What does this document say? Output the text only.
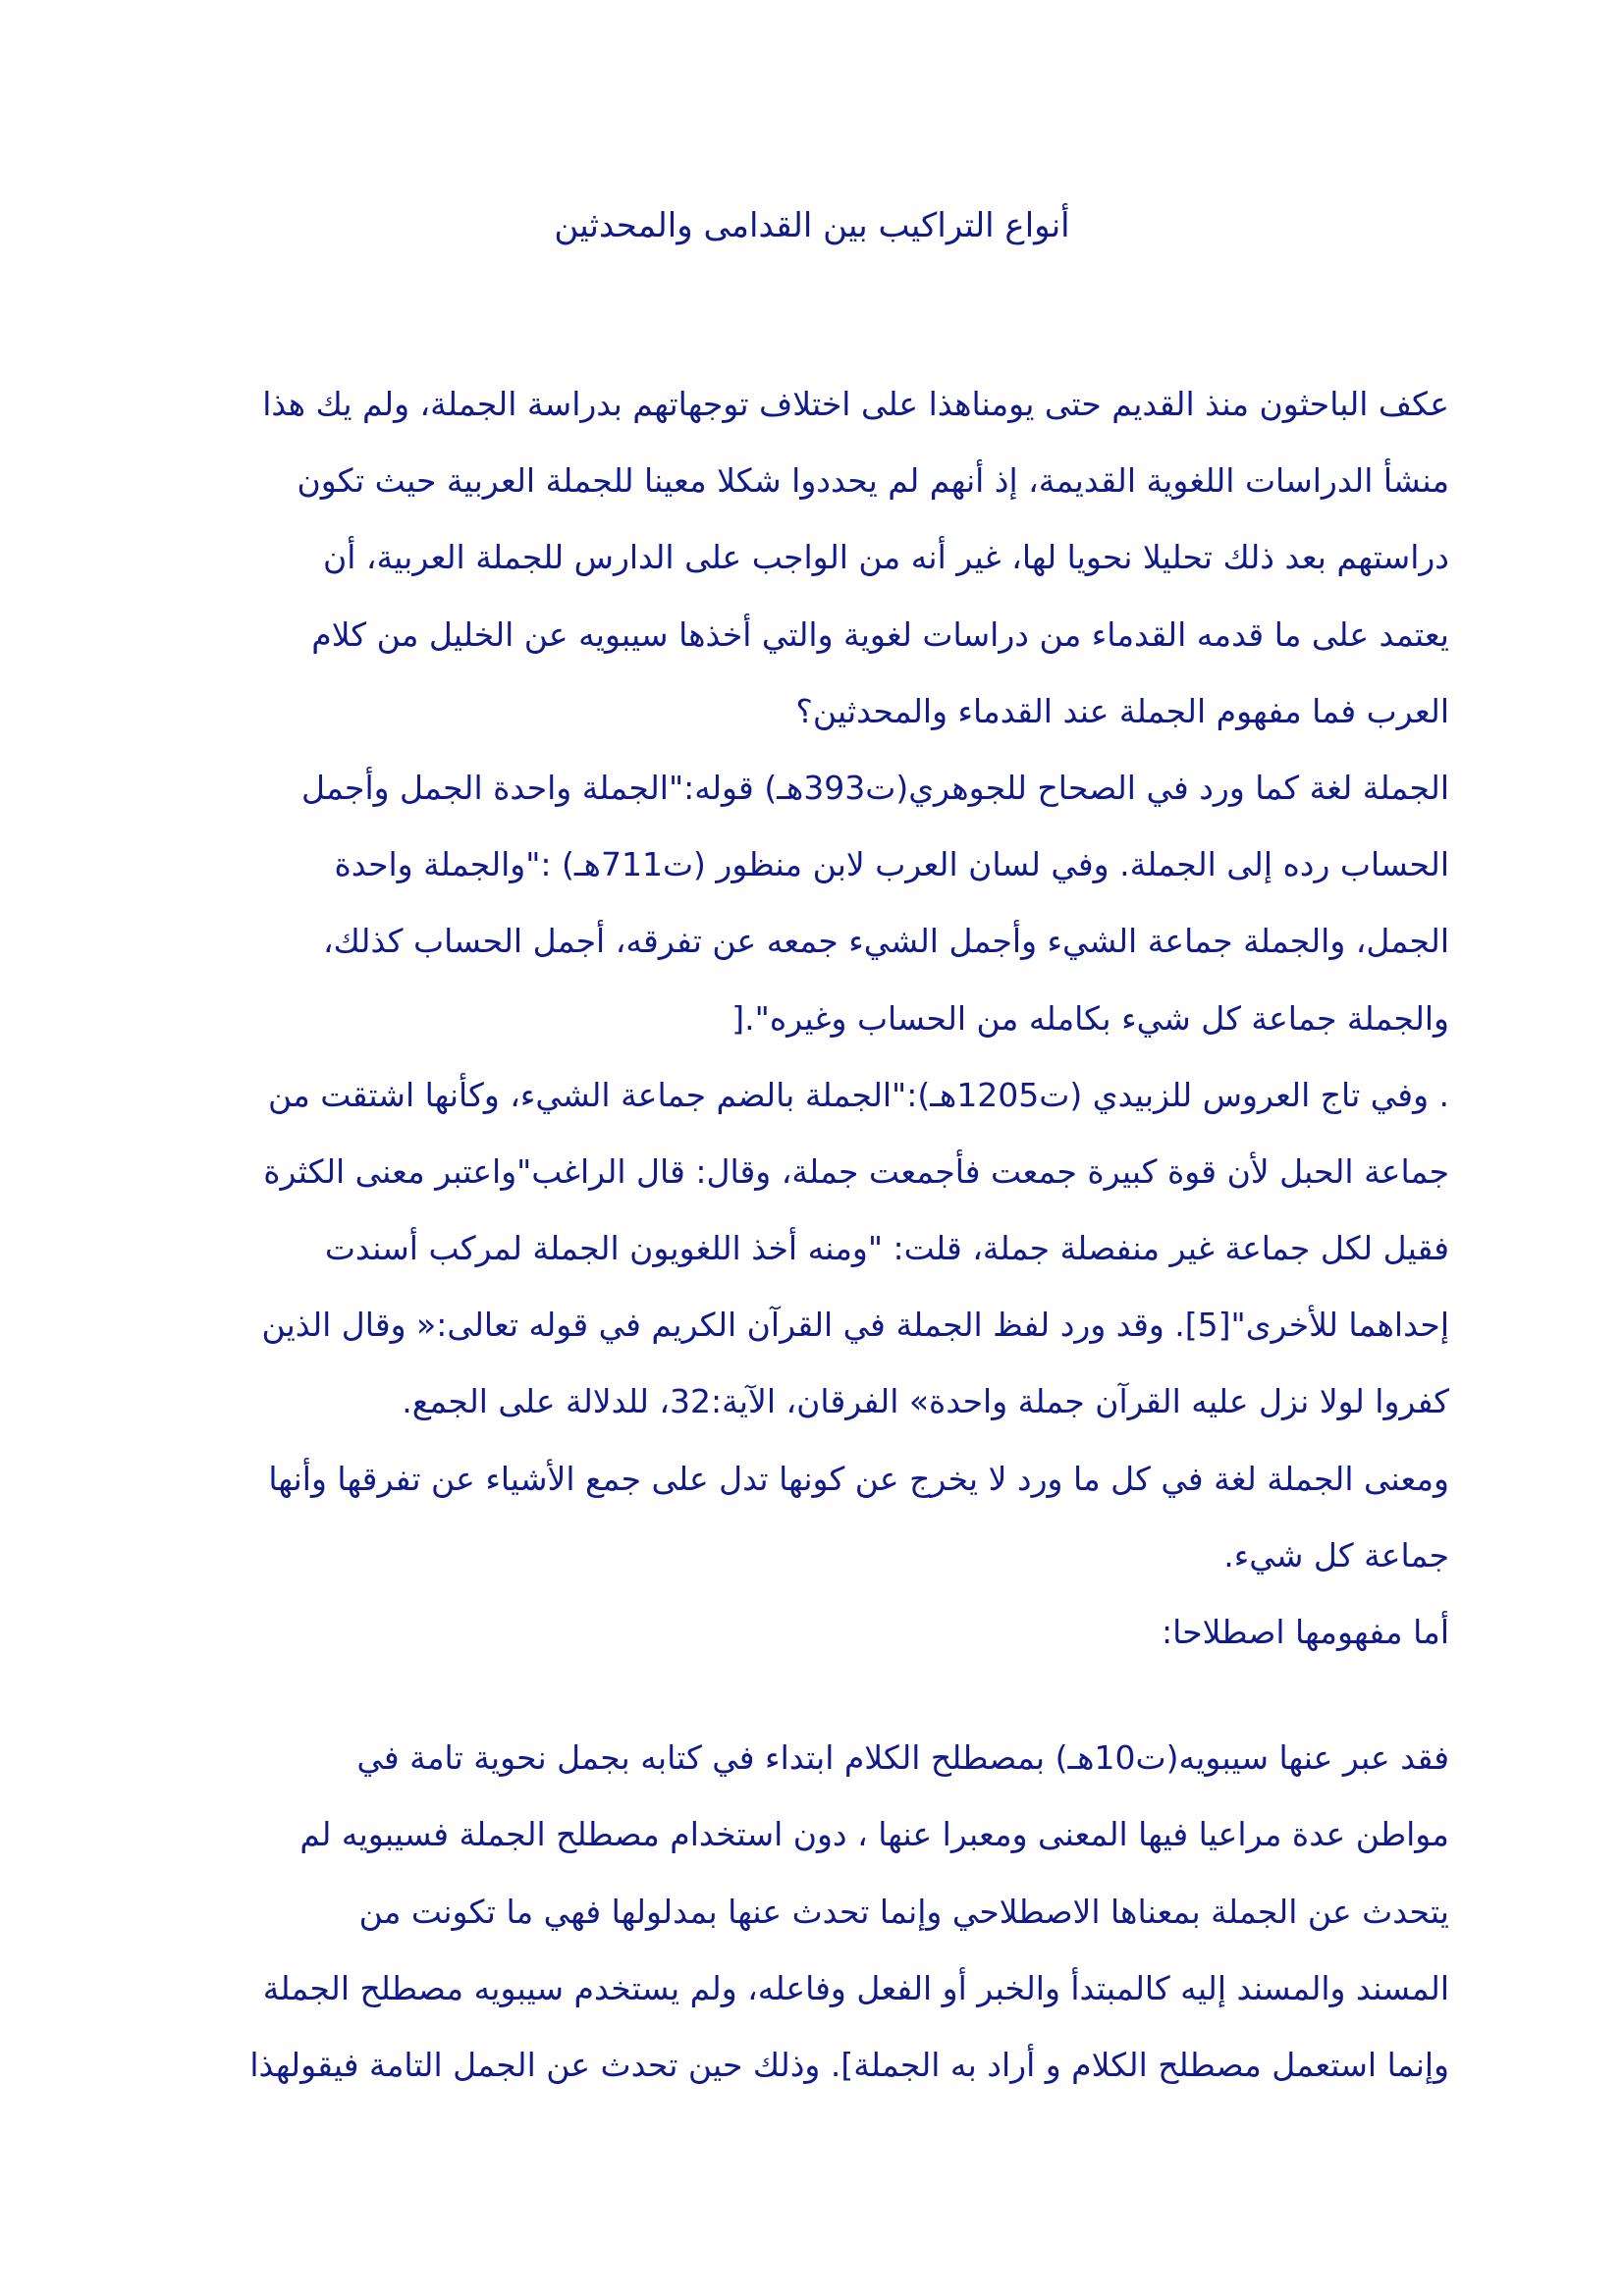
أنواع التراكيب بين القدامى والمحدثين
عكف الباحثون منذ القديم حتى يومناهذا على اختلاف توجهاتهم بدراسة الجملة، ولم يك هذا
منشأ الدراسات اللغوية القديمة، إذ أنهم لم يحددوا شكلا معينا للجملة العربية حيث تكون
دراستهم بعد ذلك تحليلا نحويا لها، غير أنه من الواجب على الدارس للجملة العربية، أن
يعتمد على ما قدمه القدماء من دراسات لغوية والتي أخذها سيبويه عن الخليل من كلام
العرب فما مفهوم الجملة عند القدماء والمحدثين؟
الجملة لغة كما ورد في الصحاح للجوهري(ت393هـ) قوله:"الجملة واحدة الجمل وأجمل
الحساب رده إلى الجملة. وفي لسان العرب لابن منظور (ت711هـ) :"والجملة واحدة
الجمل، والجملة جماعة الشيء وأجمل الشيء جمعه عن تفرقه، أجمل الحساب كذلك،
والجملة جماعة كل شيء بكامله من الحساب وغيره".[
. وفي تاج العروس للزبيدي (ت1205هـ):"الجملة بالضم جماعة الشيء، وكأنها اشتقت من
جماعة الحبل لأن قوة كبيرة جمعت فأجمعت جملة، وقال: قال الراغب"واعتبر معنى الكثرة
فقيل لكل جماعة غير منفصلة جملة، قلت: "ومنه أخذ اللغويون الجملة لمركب أسندت
إحداهما للأخرى"[5]. وقد ورد لفظ الجملة في القرآن الكريم في قوله تعالى:« وقال الذين
كفروا لولا نزل عليه القرآن جملة واحدة» الفرقان، الآية:32، للدلالة على الجمع.
ومعنى الجملة لغة في كل ما ورد لا يخرج عن كونها تدل على جمع الأشياء عن تفرقها وأنها
جماعة كل شيء.
أما مفهومها اصطلاحا:
فقد عبر عنها سيبويه(ت10هـ) بمصطلح الكلام ابتداء في كتابه بجمل نحوية تامة في
مواطن عدة مراعيا فيها المعنى ومعبرا عنها ، دون استخدام مصطلح الجملة فسيبويه لم
يتحدث عن الجملة بمعناها الاصطلاحي وإنما تحدث عنها بمدلولها فهي ما تكونت من
المسند والمسند إليه كالمبتدأ والخبر أو الفعل وفاعله، ولم يستخدم سيبويه مصطلح الجملة
وإنما استعمل مصطلح الكلام و أراد به الجملة]. وذلك حين تحدث عن الجمل التامة فيقولهذا
